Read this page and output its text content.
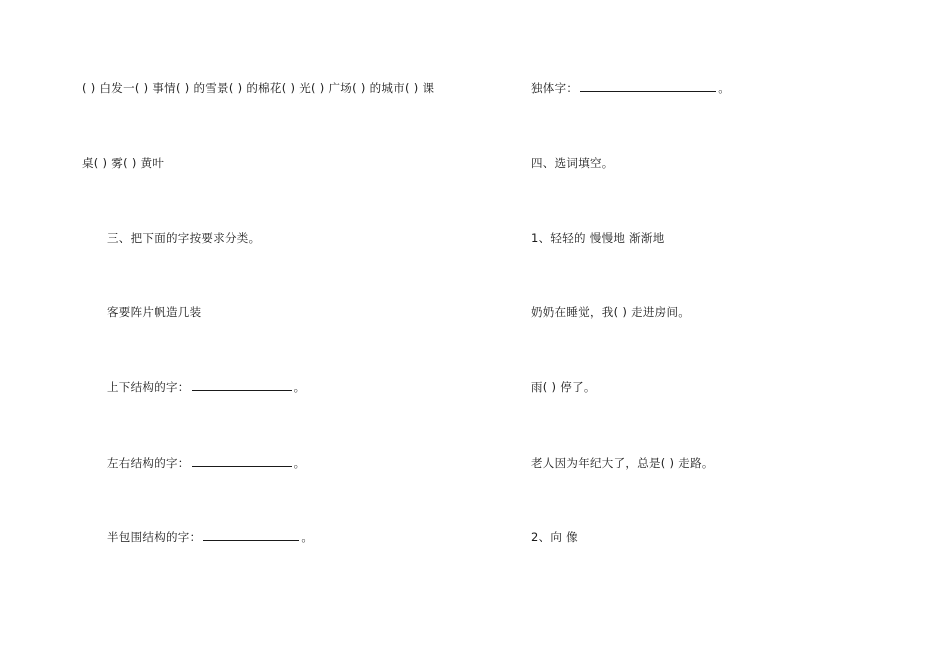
( ) 白发一( ) 事情( ) 的雪景( ) 的棉花( ) 光( ) 广场( ) 的城市( ) 课
桌( ) 雾( ) 黄叶
三、把下面的字按要求分类。
客要阵片帆造几装
上下结构的字：	。
左右结构的字：	。
半包围结构的字：	。
独体字：	。
四、选词填空。
1、轻轻的 慢慢地 渐渐地
奶奶在睡觉，我( ) 走进房间。
雨( ) 停了。
老人因为年纪大了，总是( ) 走路。
2、向 像
